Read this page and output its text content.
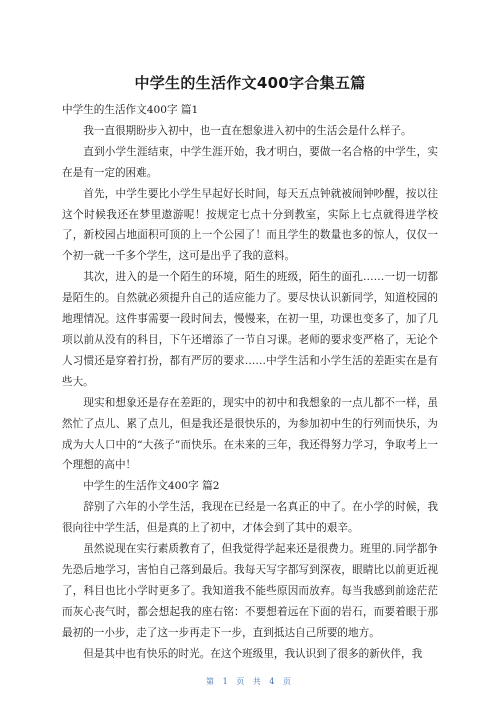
中学生的生活作文400字合集五篇

中学生的生活作文400字 篇1

我一直很期盼步入初中，也一直在想象进入初中的生活会是什么样子。

直到小学生涯结束，中学生涯开始，我才明白，要做一名合格的中学生，实在是有一定的困难。

首先，中学生要比小学生早起好长时间，每天五点钟就被闹钟吵醒，按以往这个时候我还在梦里遨游呢！按规定七点十分到教室，实际上七点就得进学校了，新校园占地面积可顶的上一个公园了！而且学生的数量也多的惊人，仅仅一个初一就一千多个学生，这可是出乎了我的意料。

其次，进入的是一个陌生的环境，陌生的班级，陌生的面孔……一切一切都是陌生的。自然就必须提升自己的适应能力了。要尽快认识新同学，知道校园的地理情况。这件事需要一段时间去，慢慢来，在初一里，功课也变多了，加了几项以前从没有的科目，下午还增添了一节自习课。老师的要求变严格了，无论个人习惯还是穿着打扮，都有严厉的要求……中学生活和小学生活的差距实在是有些大。

现实和想象还是存在差距的，现实中的初中和我想象的一点儿都不一样，虽然忙了点儿、累了点儿，但是我还是很快乐的，为参加初中生的行列而快乐，为成为大人口中的“大孩子”而快乐。在未来的三年，我还得努力学习，争取考上一个理想的高中！

中学生的生活作文400字 篇2

辞别了六年的小学生活，我现在已经是一名真正的中了。在小学的时候，我很向往中学生活，但是真的上了初中，才体会到了其中的艰辛。

虽然说现在实行素质教育了，但我觉得学起来还是很费力。班里的.同学都争先恐后地学习，害怕自己落到最后。我每天写字都写到深夜，眼睛比以前更近视了，科目也比小学时更多了。我知道我不能些原因而放弃。每当我感到前途茫茫而灰心丧气时，都会想起我的座右铭：不要想着远在下面的岩石，而要着眼于那最初的一小步，走了这一步再走下一步，直到抵达自己所要的地方。

但是其中也有快乐的时光。在这个班级里，我认识到了很多的新伙伴，我

第 1 页 共 4 页
